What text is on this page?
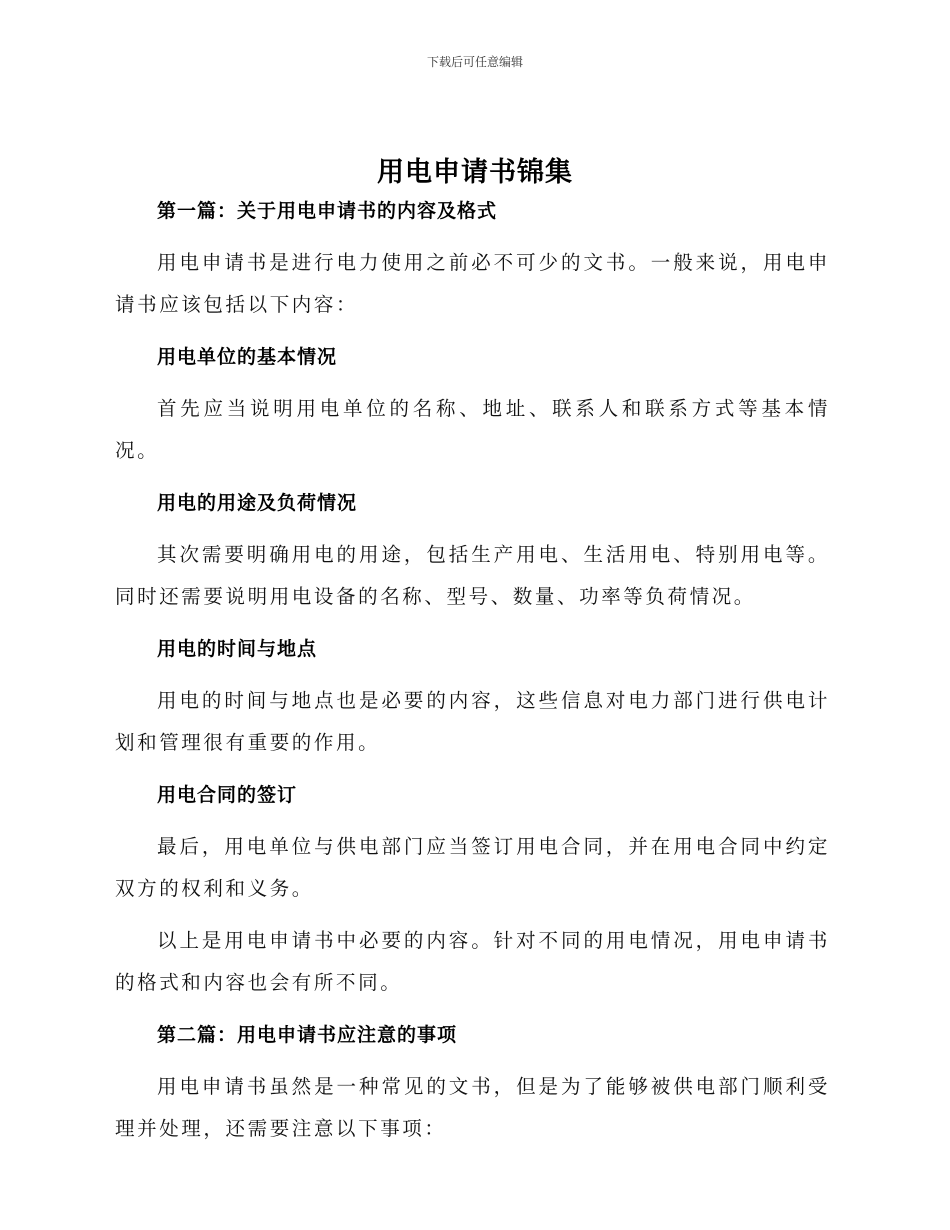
下载后可任意编辑
用电申请书锦集

第一篇：关于用电申请书的内容及格式

用电申请书是进行电力使用之前必不可少的文书。一般来说，用电申请书应该包括以下内容：

用电单位的基本情况

首先应当说明用电单位的名称、地址、联系人和联系方式等基本情况。

用电的用途及负荷情况

其次需要明确用电的用途，包括生产用电、生活用电、特别用电等。同时还需要说明用电设备的名称、型号、数量、功率等负荷情况。

用电的时间与地点

用电的时间与地点也是必要的内容，这些信息对电力部门进行供电计划和管理很有重要的作用。

用电合同的签订

最后，用电单位与供电部门应当签订用电合同，并在用电合同中约定双方的权利和义务。

以上是用电申请书中必要的内容。针对不同的用电情况，用电申请书的格式和内容也会有所不同。

第二篇：用电申请书应注意的事项

用电申请书虽然是一种常见的文书，但是为了能够被供电部门顺利受理并处理，还需要注意以下事项：
